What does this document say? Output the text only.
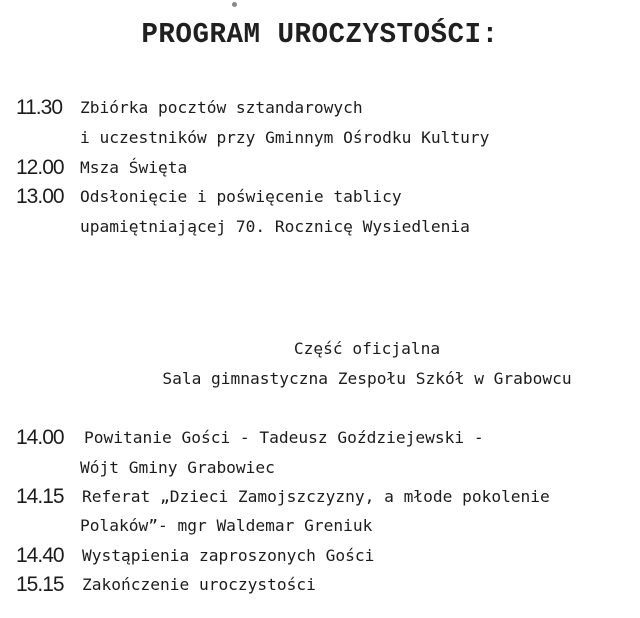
PROGRAM UROCZYSTOŚCI:
11.30	Zbiórka pocztów sztandarowych
i uczestników przy Gminnym Ośrodku Kultury
12.00	Msza Święta
13.00	Odsłonięcie i poświęcenie tablicy
upamiętniającej 70. Rocznicę Wysiedlenia
Część oficjalna
Sala gimnastyczna Zespołu Szkół w Grabowcu
14.00	Powitanie Gości - Tadeusz Goździejewski -
Wójt Gminy Grabowiec
14.15	Referat „Dzieci Zamojszczyzny, a młode pokolenie
Polaków”- mgr Waldemar Greniuk
14.40	Wystąpienia zaproszonych Gości
15.15	Zakończenie uroczystości
